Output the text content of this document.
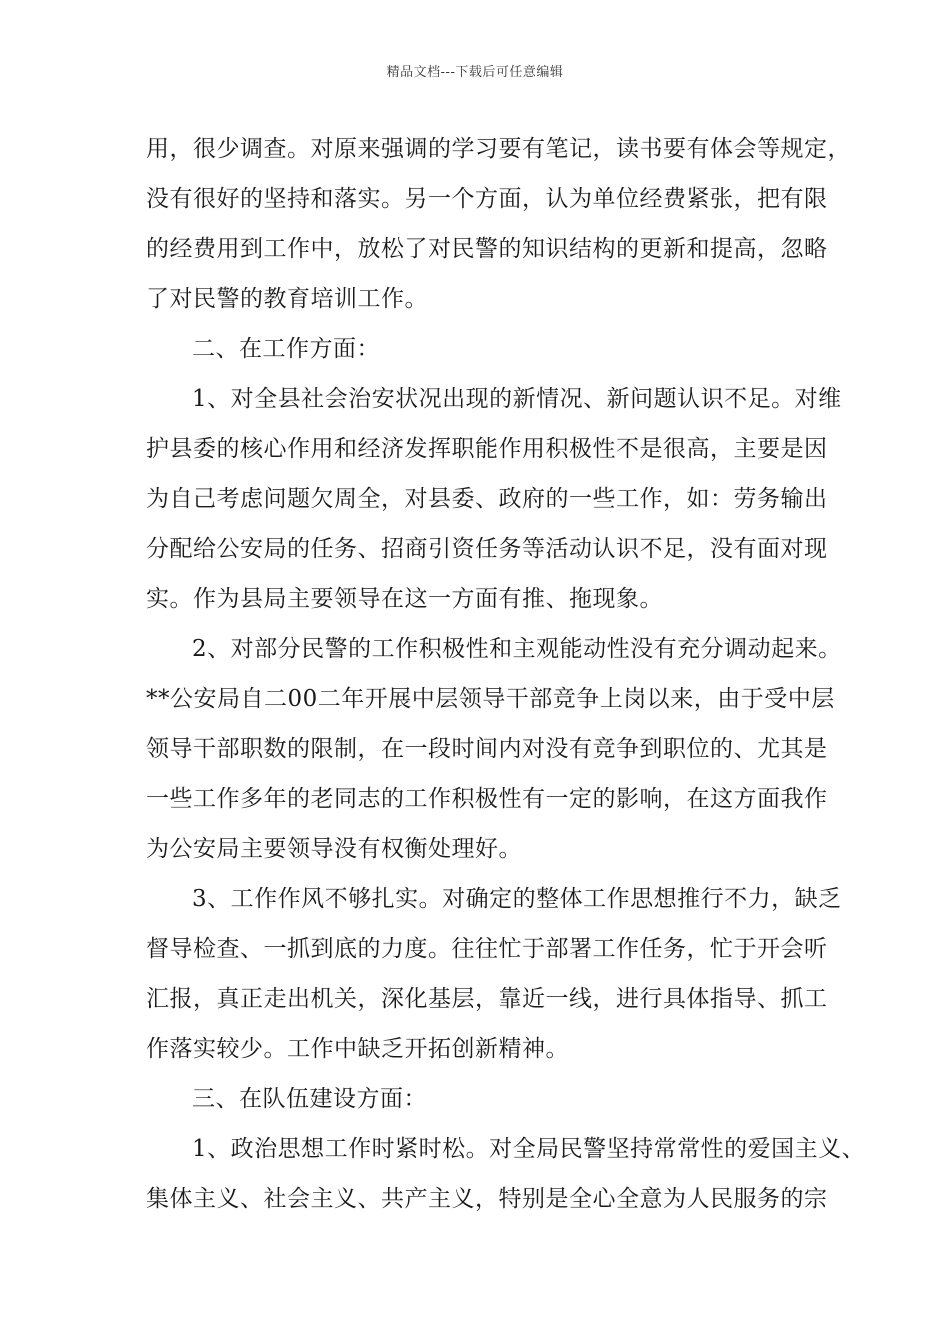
精品文档---下载后可任意编辑
用，很少调查。对原来强调的学习要有笔记，读书要有体会等规定，
没有很好的坚持和落实。另一个方面，认为单位经费紧张，把有限
的经费用到工作中，放松了对民警的知识结构的更新和提高，忽略
了对民警的教育培训工作。
二、在工作方面：
1、对全县社会治安状况出现的新情况、新问题认识不足。对维
护县委的核心作用和经济发挥职能作用积极性不是很高，主要是因
为自己考虑问题欠周全，对县委、政府的一些工作，如：劳务输出
分配给公安局的任务、招商引资任务等活动认识不足，没有面对现
实。作为县局主要领导在这一方面有推、拖现象。
2、对部分民警的工作积极性和主观能动性没有充分调动起来。
**公安局自二00二年开展中层领导干部竞争上岗以来，由于受中层
领导干部职数的限制，在一段时间内对没有竞争到职位的、尤其是
一些工作多年的老同志的工作积极性有一定的影响，在这方面我作
为公安局主要领导没有权衡处理好。
3、工作作风不够扎实。对确定的整体工作思想推行不力，缺乏
督导检查、一抓到底的力度。往往忙于部署工作任务，忙于开会听
汇报，真正走出机关，深化基层，靠近一线，进行具体指导、抓工
作落实较少。工作中缺乏开拓创新精神。
三、在队伍建设方面：
1、政治思想工作时紧时松。对全局民警坚持常常性的爱国主义、
集体主义、社会主义、共产主义，特别是全心全意为人民服务的宗
